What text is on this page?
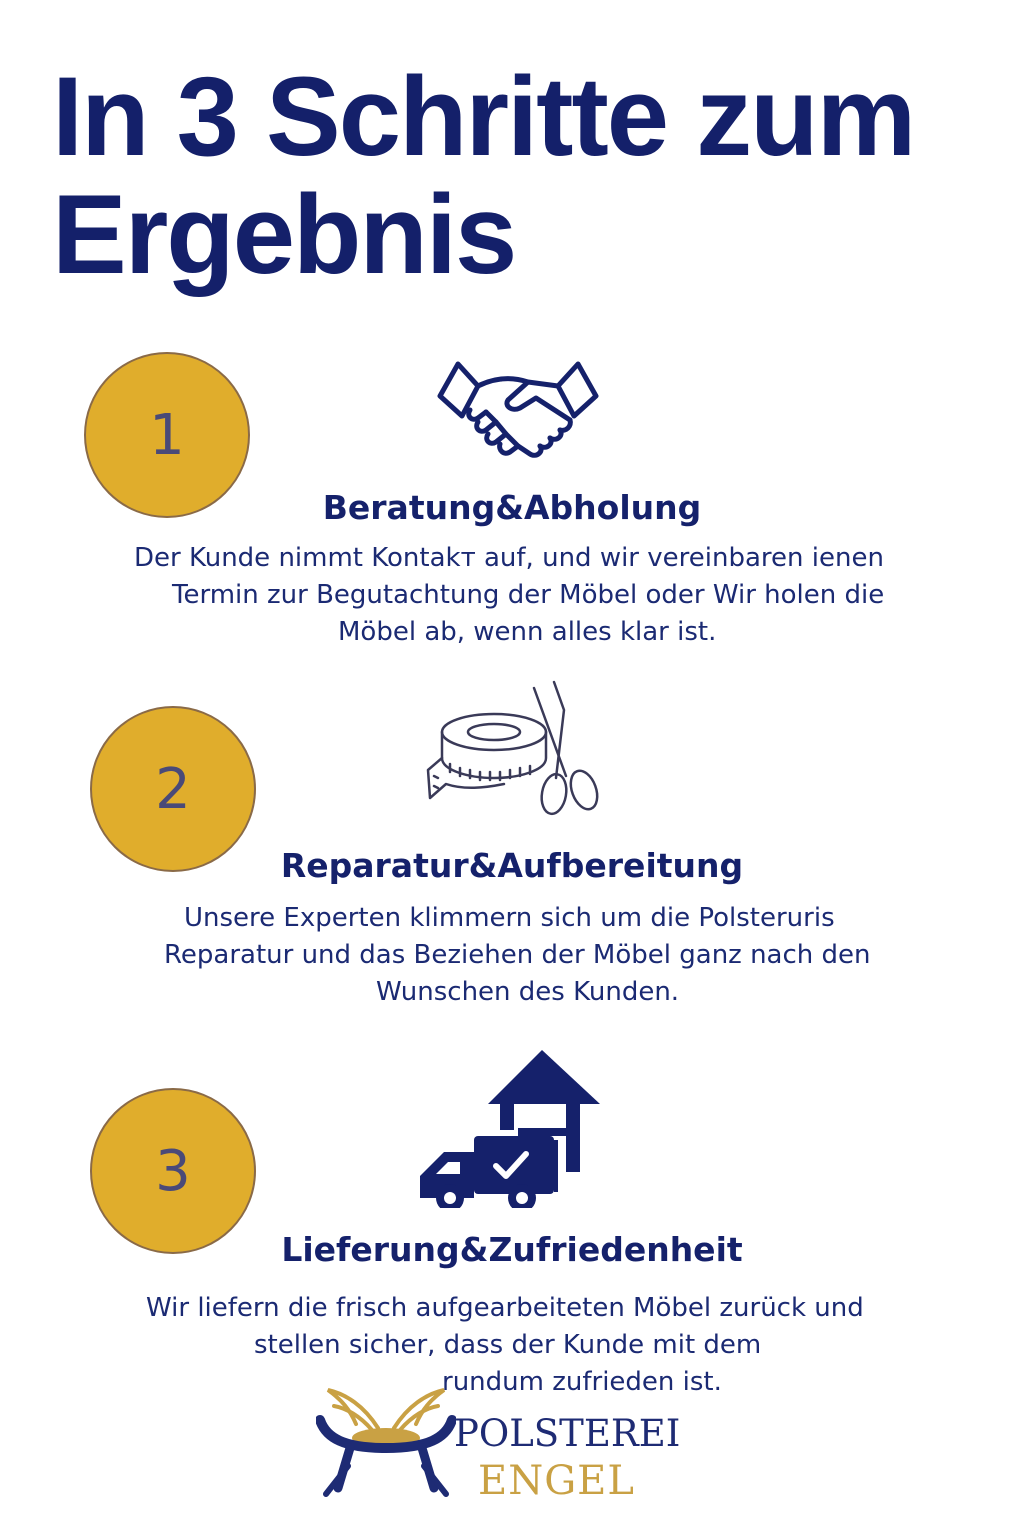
In 3 Schritte zum
Ergebnis
1
Beratung&Abholung
Der Kunde nimmt Kontakт auf, und wir vereinbaren ienen
Termin zur Begutachtung der Möbel oder Wir holen die
Möbel ab, wenn alles klar ist.
2
Reparatur&Aufbereitung
Unsere Experten klimmern sich um die Polsteruris
Reparatur und das Beziehen der Möbel ganz nach den
Wunschen des Kunden.
3
Lieferung&Zufriedenheit
Wir liefern die frisch aufgearbeiteten Möbel zurück und
stellen sicher, dass der Kunde mit dem
rundum zufrieden ist.
POLSTEREI
ENGEL
